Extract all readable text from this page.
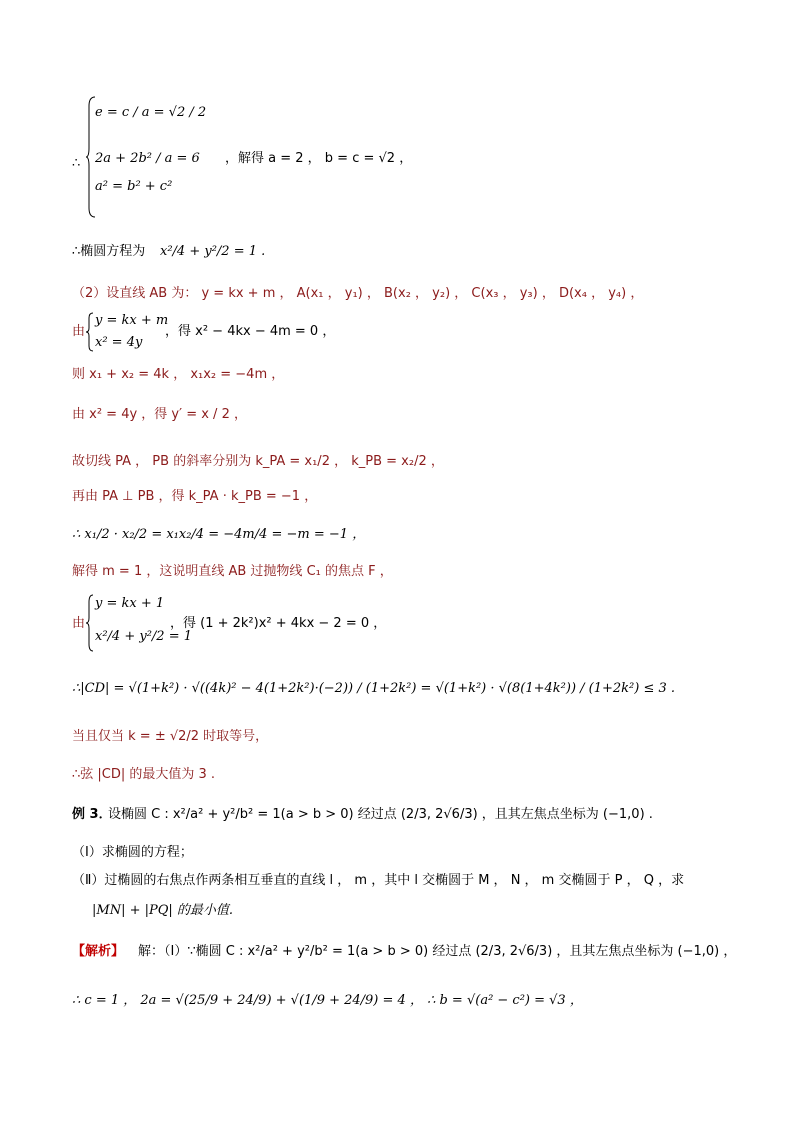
e = c / a = √2 / 2
∴ 2a + 2b² / a = 6 ，解得 a = 2 ， b = c = √2 ，
a² = b² + c²
∴椭圆方程为 x²/4 + y²/2 = 1 .
（2）设直线 AB 为： y = kx + m ， A(x₁ ， y₁) ， B(x₂ ， y₂) ， C(x₃ ， y₃) ， D(x₄ ， y₄) ，
由
y = kx + m
x² = 4y
，得 x² − 4kx − 4m = 0 ，
则 x₁ + x₂ = 4k ， x₁x₂ = −4m ，
由 x² = 4y ，得 y′ = x / 2 ，
故切线 PA ， PB 的斜率分别为 k_PA = x₁/2 ， k_PB = x₂/2 ，
再由 PA ⊥ PB ，得 k_PA · k_PB = −1 ，
∴ x₁/2 · x₂/2 = x₁x₂/4 = −4m/4 = −m = −1 ，
解得 m = 1 ，这说明直线 AB 过抛物线 C₁ 的焦点 F ，
由
y = kx + 1
x²/4 + y²/2 = 1
，得 (1 + 2k²)x² + 4kx − 2 = 0 ，
∴|CD| = √(1+k²) · √((4k)² − 4(1+2k²)·(−2)) / (1+2k²) = √(1+k²) · √(8(1+4k²)) / (1+2k²) ≤ 3 .
当且仅当 k = ± √2/2 时取等号，
∴弦 |CD| 的最大值为 3 .
例 3．
设椭圆 C : x²/a² + y²/b² = 1(a > b > 0) 经过点 (2/3, 2√6/3) ，且其左焦点坐标为 (−1,0) .
（Ⅰ）求椭圆的方程；
（Ⅱ）过椭圆的右焦点作两条相互垂直的直线 l ， m ，其中 l 交椭圆于 M ， N ， m 交椭圆于 P ， Q ，求
|MN| + |PQ| 的最小值.
【解析】 解：（Ⅰ）∵椭圆 C : x²/a² + y²/b² = 1(a > b > 0) 经过点 (2/3, 2√6/3) ，且其左焦点坐标为 (−1,0) ，
∴ c = 1 ， 2a = √(25/9 + 24/9) + √(1/9 + 24/9) = 4 ， ∴ b = √(a² − c²) = √3 ，
